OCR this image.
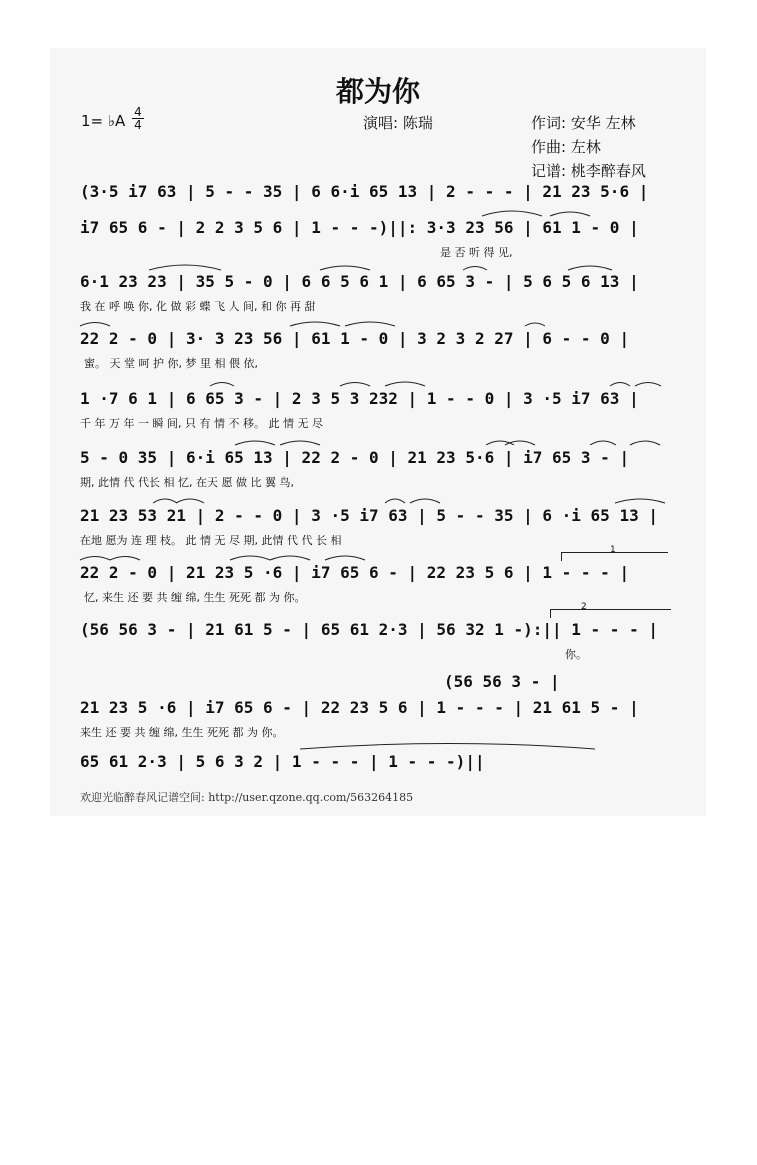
都为你
1= ♭A 4
4	演唱: 陈瑞	作词: 安华 左林
作曲: 左林
记谱: 桃李醉春风
(3·5 i7 63 | 5 - - 35 | 6 6·i 65 13 | 2 - - - | 21 23 5·6 |
i7 65 6 - | 2 2 3 5 6 | 1 - - -)||: 3·3 23 56 | 61 1 - 0 |
是 否 听 得 见,
6·1 23 23 | 35 5 - 0 | 6 6 5 6 1 | 6 65 3 - | 5 6 5 6 13 |
我 在 呼 唤 你, 化 做 彩 蝶 飞 人 间, 和 你 再 甜
22 2 - 0 | 3· 3 23 56 | 61 1 - 0 | 3 2 3 2 27 | 6 - - 0 |
蜜。 天 堂 呵 护 你, 梦 里 相 偎 依,
1 ·7 6 1 | 6 65 3 - | 2 3 5 3 232 | 1 - - 0 | 3 ·5 i7 63 |
千 年 万 年 一 瞬 间, 只 有 情 不 移。 此 情 无 尽
5 - 0 35 | 6·i 65 13 | 22 2 - 0 | 21 23 5·6 | i7 65 3 - |
期, 此情 代 代长 相 忆, 在天 愿 做 比 翼 鸟,
21 23 53 21 | 2 - - 0 | 3 ·5 i7 63 | 5 - - 35 | 6 ·i 65 13 |
在地 愿为 连 理 枝。 此 情 无 尽 期, 此情 代 代 长 相
1
22 2 - 0 | 21 23 5 ·6 | i7 65 6 - | 22 23 5 6 | 1 - - - |
忆, 来生 还 要 共 缠 绵, 生生 死死 都 为 你。
2
(56 56 3 - | 21 61 5 - | 65 61 2·3 | 56 32 1 -):|| 1 - - - |
你。
(56 56 3 - |
21 23 5 ·6 | i7 65 6 - | 22 23 5 6 | 1 - - - | 21 61 5 - |
来生 还 要 共 缠 绵, 生生 死死 都 为 你。
65 61 2·3 | 5 6 3 2 | 1 - - - | 1 - - -)||
欢迎光临醉春风记谱空间: http://user.qzone.qq.com/563264185
